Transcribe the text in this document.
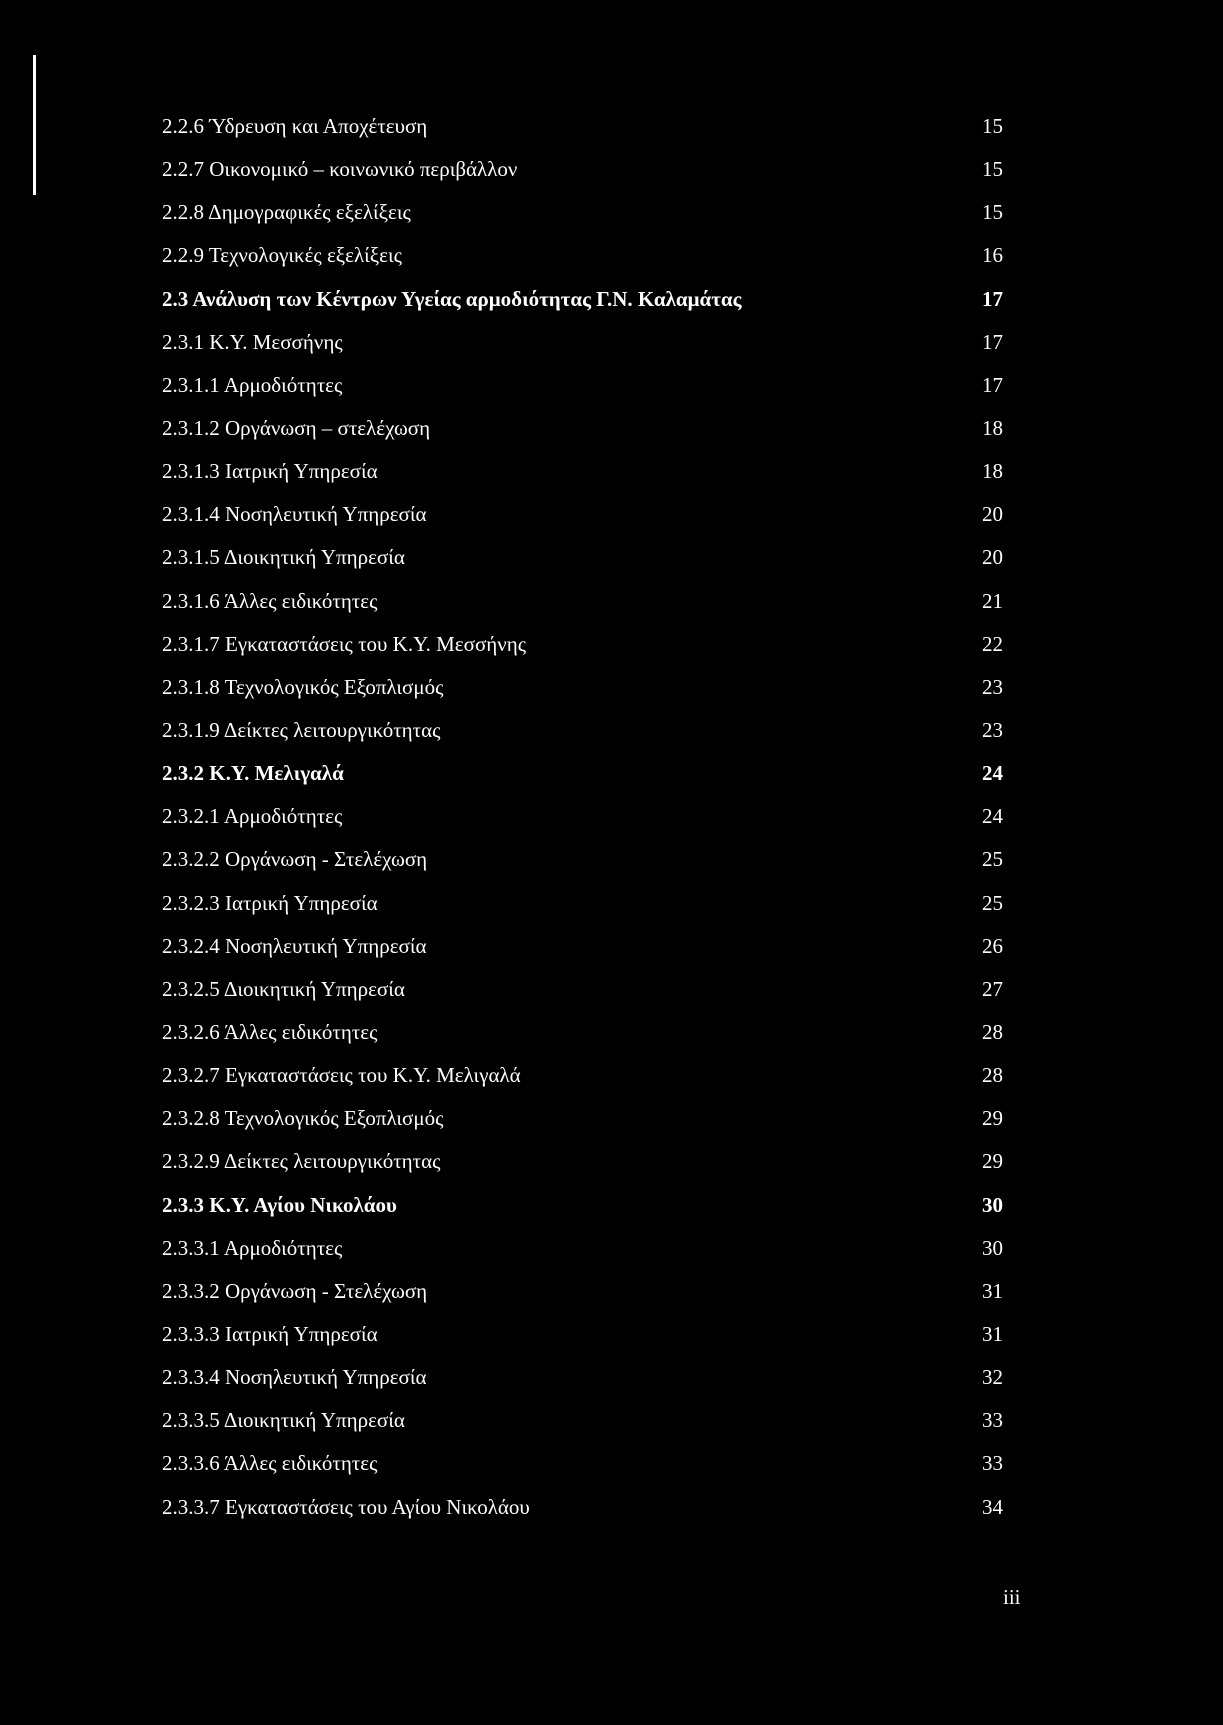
2.2.6 Ύδρευση και Αποχέτευση	15
2.2.7 Οικονομικό – κοινωνικό περιβάλλον	15
2.2.8 Δημογραφικές εξελίξεις	15
2.2.9 Τεχνολογικές εξελίξεις	16
2.3 Ανάλυση των Κέντρων Υγείας αρμοδιότητας Γ.Ν. Καλαμάτας	17
2.3.1 Κ.Υ. Μεσσήνης	17
2.3.1.1 Αρμοδιότητες	17
2.3.1.2 Οργάνωση – στελέχωση	18
2.3.1.3 Ιατρική Υπηρεσία	18
2.3.1.4 Νοσηλευτική Υπηρεσία	20
2.3.1.5 Διοικητική Υπηρεσία	20
2.3.1.6 Άλλες ειδικότητες	21
2.3.1.7 Εγκαταστάσεις του Κ.Υ. Μεσσήνης	22
2.3.1.8 Τεχνολογικός Εξοπλισμός	23
2.3.1.9 Δείκτες λειτουργικότητας	23
2.3.2 Κ.Υ. Μελιγαλά	24
2.3.2.1 Αρμοδιότητες	24
2.3.2.2 Οργάνωση - Στελέχωση	25
2.3.2.3 Ιατρική Υπηρεσία	25
2.3.2.4 Νοσηλευτική Υπηρεσία	26
2.3.2.5 Διοικητική Υπηρεσία	27
2.3.2.6 Άλλες ειδικότητες	28
2.3.2.7 Εγκαταστάσεις του Κ.Υ. Μελιγαλά	28
2.3.2.8 Τεχνολογικός Εξοπλισμός	29
2.3.2.9 Δείκτες λειτουργικότητας	29
2.3.3 Κ.Υ. Αγίου Νικολάου	30
2.3.3.1 Αρμοδιότητες	30
2.3.3.2 Οργάνωση - Στελέχωση	31
2.3.3.3 Ιατρική Υπηρεσία	31
2.3.3.4 Νοσηλευτική Υπηρεσία	32
2.3.3.5 Διοικητική Υπηρεσία	33
2.3.3.6 Άλλες ειδικότητες	33
2.3.3.7 Εγκαταστάσεις του Αγίου Νικολάου	34
iii
